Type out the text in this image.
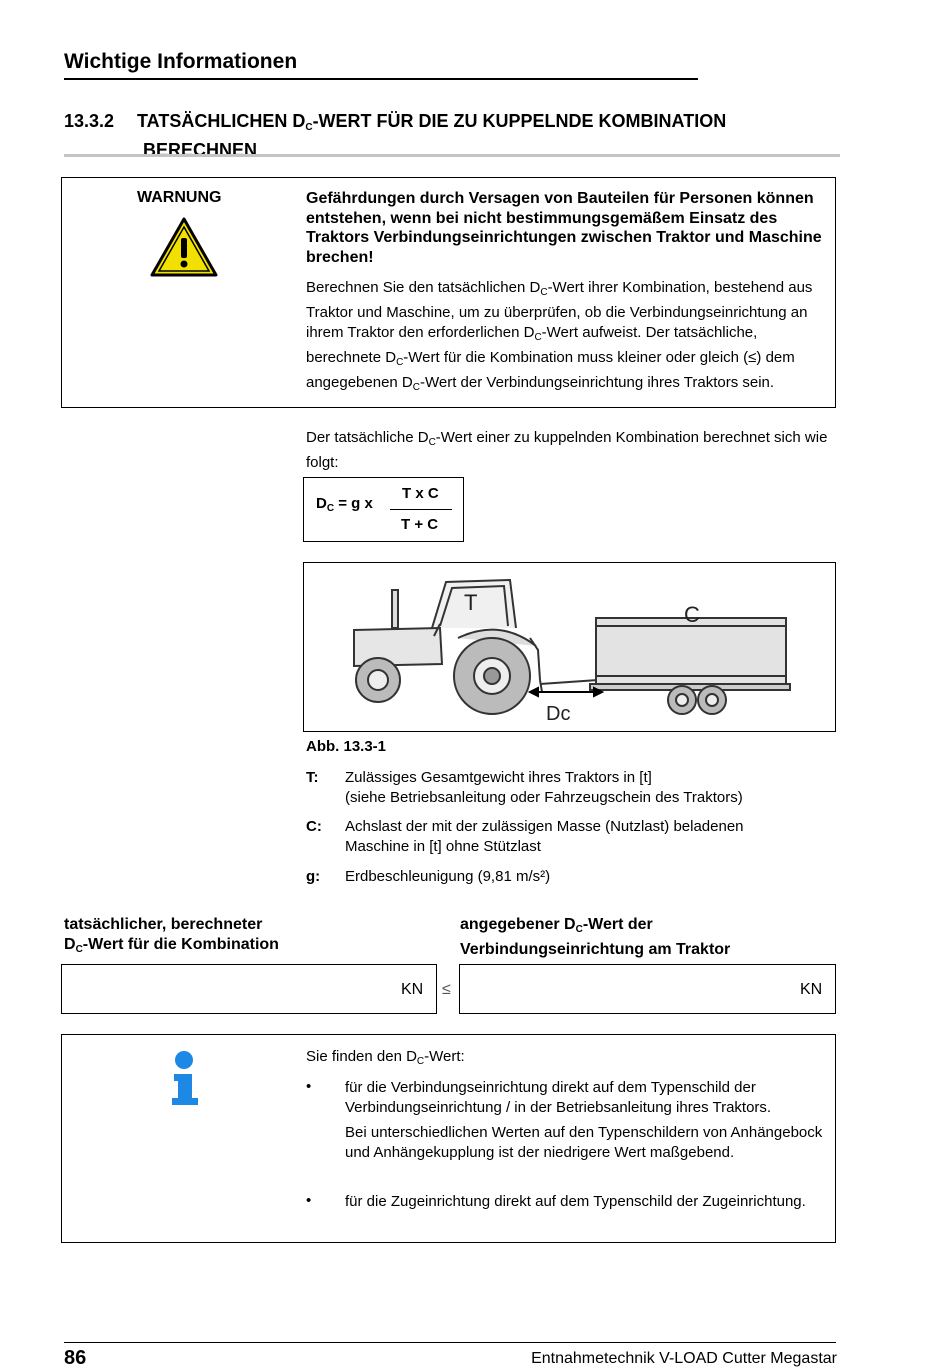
Wichtige Informationen
13.3.2 TATSÄCHLICHEN $D_C$-WERT FÜR DIE ZU KUPPELNDE KOMBINATION
BERECHNEN
WARNUNG	Gefährdungen durch Versagen von Bauteilen für Personen können entstehen, wenn bei nicht bestimmungsgemäßem Einsatz des Traktors Verbindungseinrichtungen zwischen Traktor und Maschine brechen!
Berechnen Sie den tatsächlichen $D_C$-Wert ihrer Kombination, bestehend aus Traktor und Maschine, um zu überprüfen, ob die Verbindungseinrichtung an ihrem Traktor den erforderlichen $D_C$-Wert aufweist. Der tatsächliche, berechnete $D_C$-Wert für die Kombination muss kleiner oder gleich (≤) dem angegebenen $D_C$-Wert der Verbindungseinrichtung ihres Traktors sein.
Der tatsächliche $D_C$-Wert einer zu kuppelnden Kombination berechnet sich wie folgt:
$D_C = g$ x
T x C
T + C
T	C
Dc
Abb. 13.3-1
T: Zulässiges Gesamtgewicht ihres Traktors in [t]
(siehe Betriebsanleitung oder Fahrzeugschein des Traktors)
C: Achslast der mit der zulässigen Masse (Nutzlast) beladenen
Maschine in [t] ohne Stützlast
g: Erdbeschleunigung (9,81 m/s²)
tatsächlicher, berechneter
$D_C$-Wert für die Kombination
angegebener $D_C$-Wert der
Verbindungseinrichtung am Traktor
KN ≤	KN
Sie finden den $D_C$-Wert:
• für die Verbindungseinrichtung direkt auf dem Typenschild der Verbindungseinrichtung / in der Betriebsanleitung ihres Traktors.
Bei unterschiedlichen Werten auf den Typenschildern von Anhängebock und Anhängekupplung ist der niedrigere Wert maßgebend.
• für die Zugeinrichtung direkt auf dem Typenschild der Zugeinrichtung.
86	Entnahmetechnik V-LOAD Cutter Megastar
